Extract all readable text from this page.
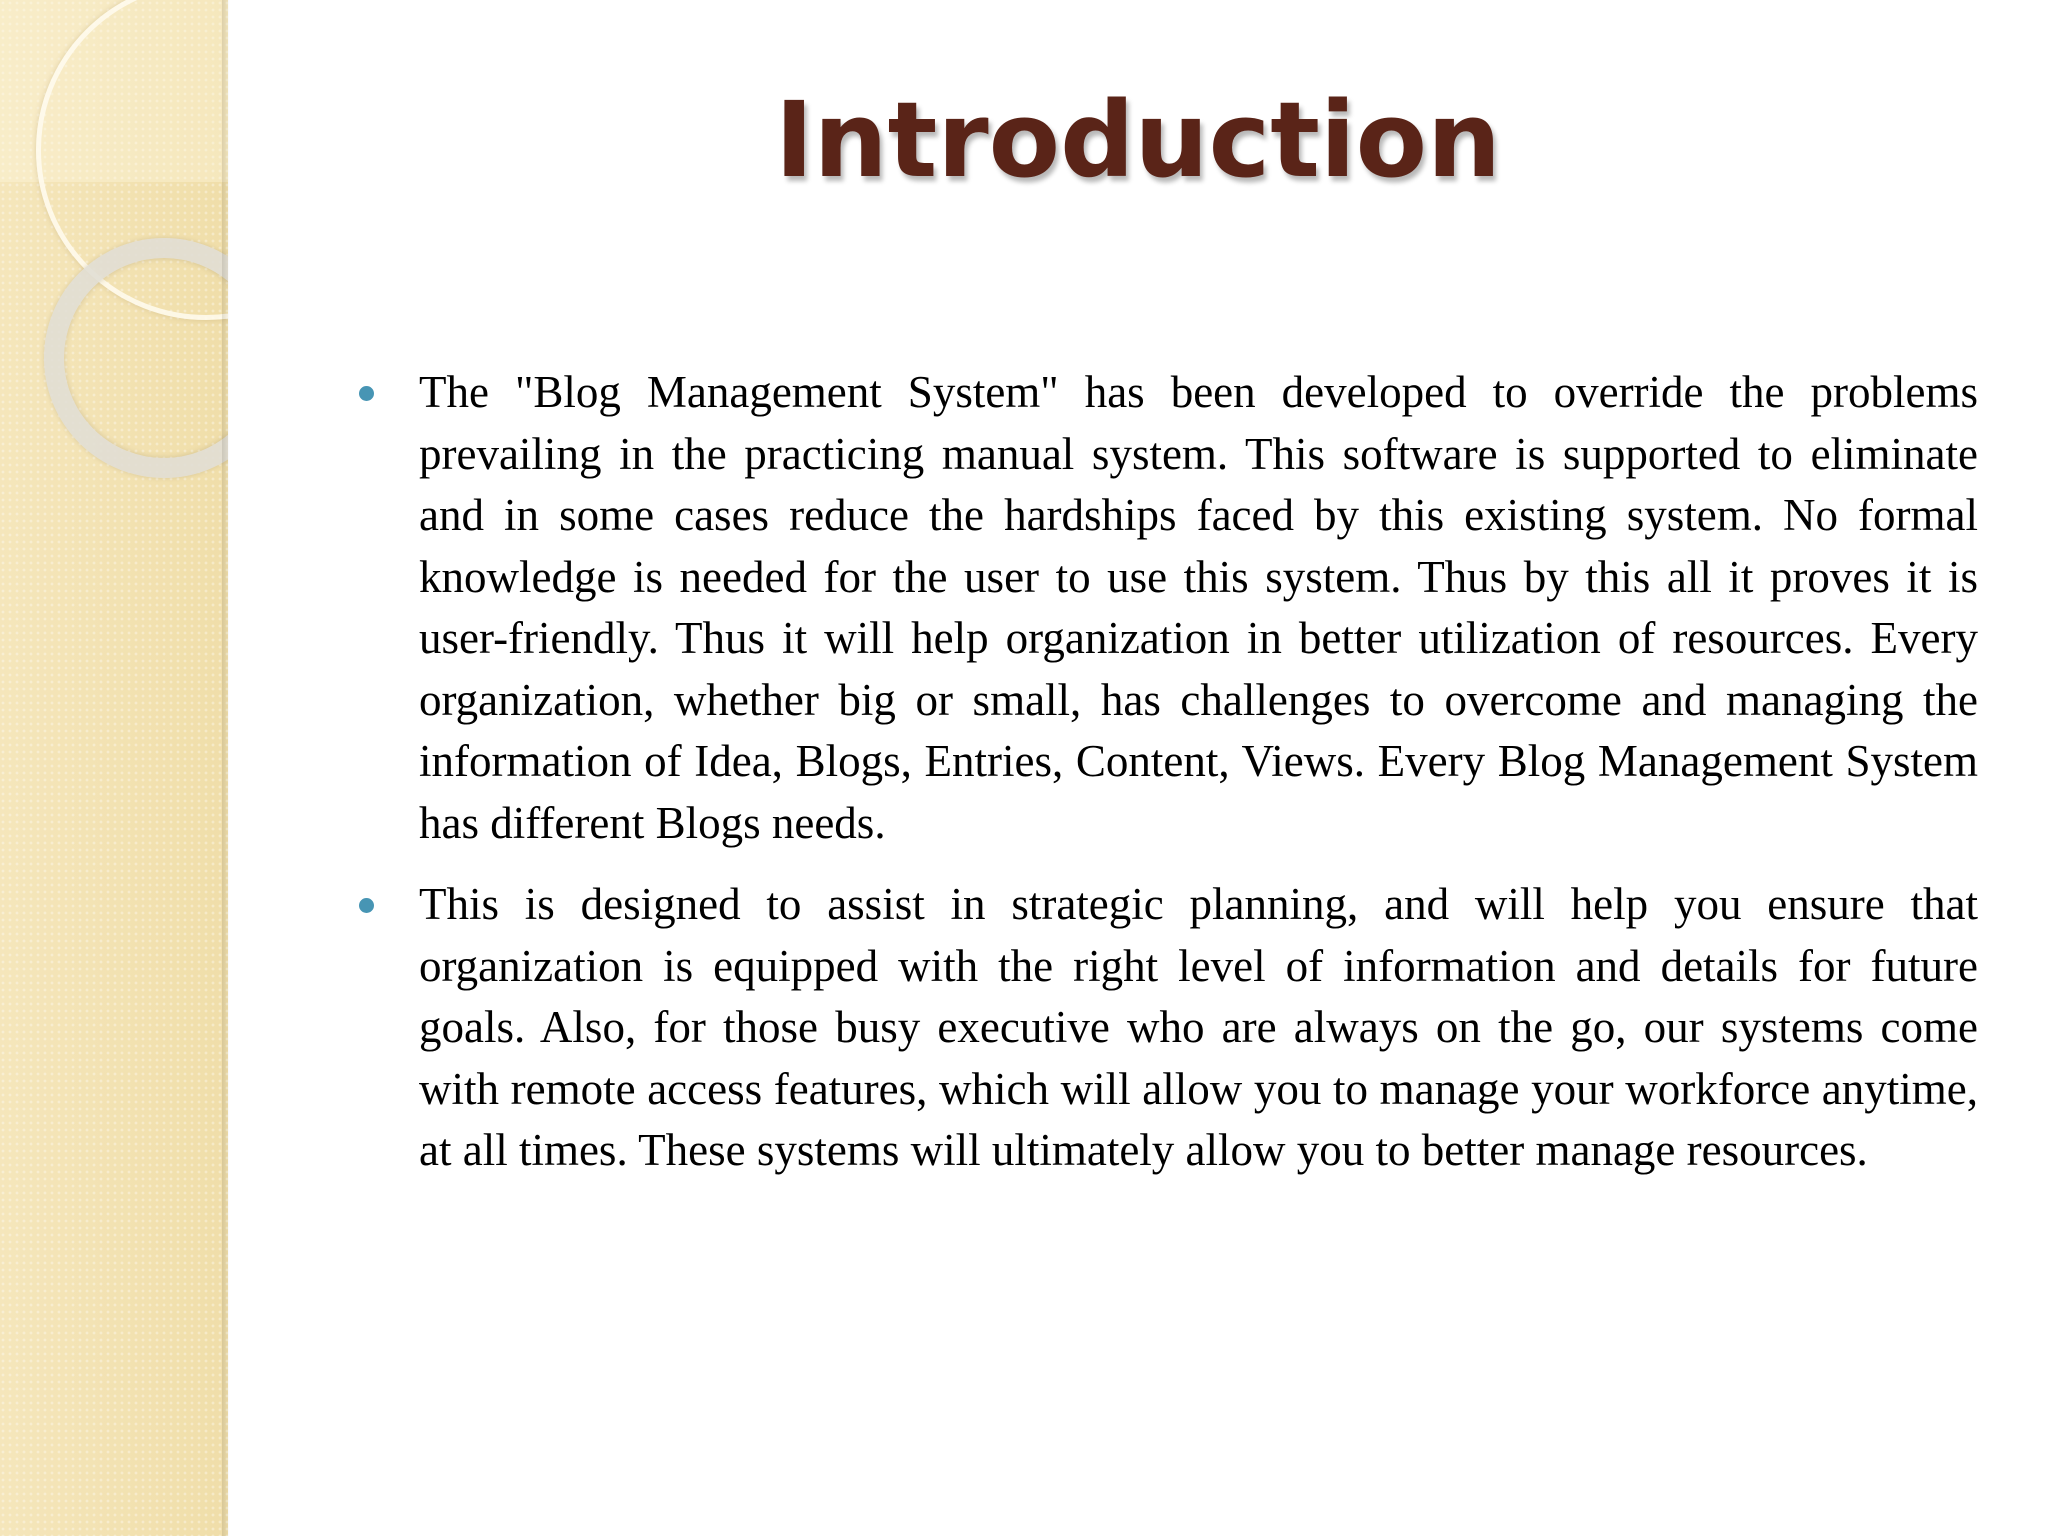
Introduction
The "Blog Management System" has been developed to override the problems prevailing in the practicing manual system. This software is supported to eliminate and in some cases reduce the hardships faced by this existing system. No formal knowledge is needed for the user to use this system. Thus by this all it proves it is user-friendly. Thus it will help organization in better utilization of resources. Every organization, whether big or small, has challenges to overcome and managing the information of Idea, Blogs, Entries, Content, Views. Every Blog Management System has different Blogs needs.
This is designed to assist in strategic planning, and will help you ensure that organization is equipped with the right level of information and details for future goals. Also, for those busy executive who are always on the go, our systems come with remote access features, which will allow you to manage your workforce anytime, at all times. These systems will ultimately allow you to better manage resources.
